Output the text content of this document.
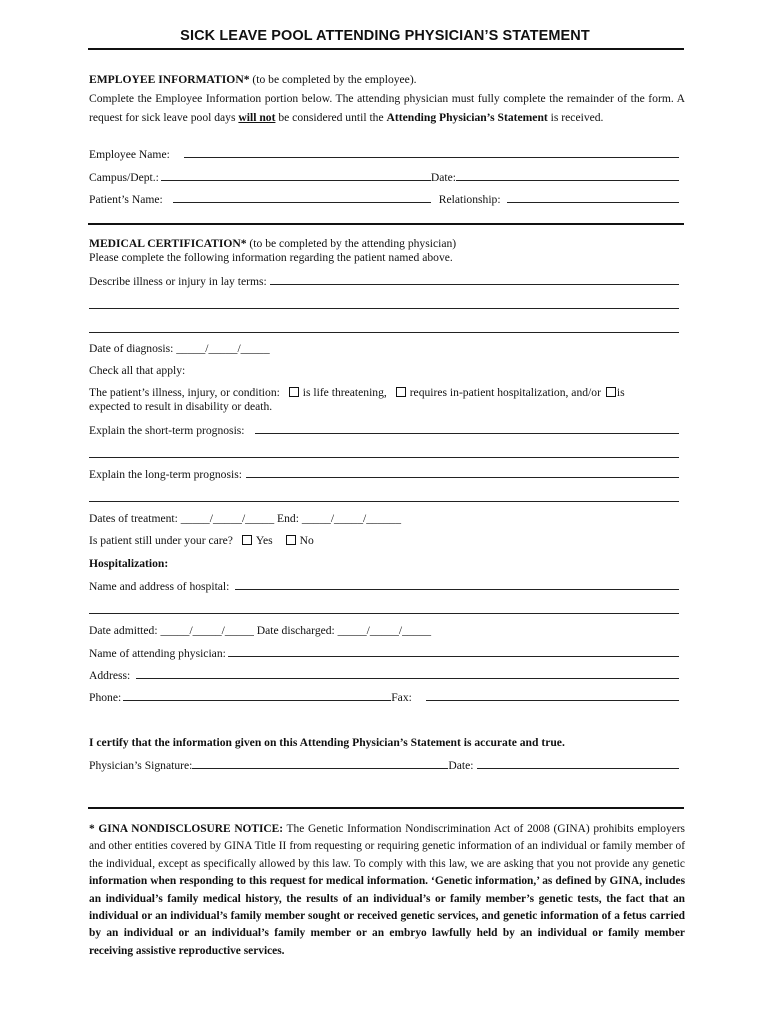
SICK LEAVE POOL ATTENDING PHYSICIAN’S STATEMENT
EMPLOYEE INFORMATION* (to be completed by the employee).
Complete the Employee Information portion below. The attending physician must fully complete the remainder of the form. A request for sick leave pool days will not be considered until the Attending Physician’s Statement is received.
Employee Name:
Campus/Dept.:	Date:
Patient’s Name:	Relationship:
MEDICAL CERTIFICATION* (to be completed by the attending physician)
Please complete the following information regarding the patient named above.
Describe illness or injury in lay terms:
Date of diagnosis: _____/_____/_____
Check all that apply:
The patient’s illness, injury, or condition: is life threatening, requires in-patient hospitalization, and/or is
expected to result in disability or death.
Explain the short-term prognosis:
Explain the long-term prognosis:
Dates of treatment: _____/_____/_____ End: _____/_____/______
Is patient still under your care? Yes No
Hospitalization:
Name and address of hospital:
Date admitted: _____/_____/_____ Date discharged: _____/_____/_____
Name of attending physician:
Address:
Phone:	Fax:
I certify that the information given on this Attending Physician’s Statement is accurate and true.
Physician’s Signature:	Date:
* GINA NONDISCLOSURE NOTICE: The Genetic Information Nondiscrimination Act of 2008 (GINA) prohibits employers and other entities covered by GINA Title II from requesting or requiring genetic information of an individual or family member of the individual, except as specifically allowed by this law. To comply with this law, we are asking that you not provide any genetic information when responding to this request for medical information. ‘Genetic information,’ as defined by GINA, includes an individual’s family medical history, the results of an individual’s or family member’s genetic tests, the fact that an individual or an individual’s family member sought or received genetic services, and genetic information of a fetus carried by an individual or an individual’s family member or an embryo lawfully held by an individual or family member receiving assistive reproductive services.
